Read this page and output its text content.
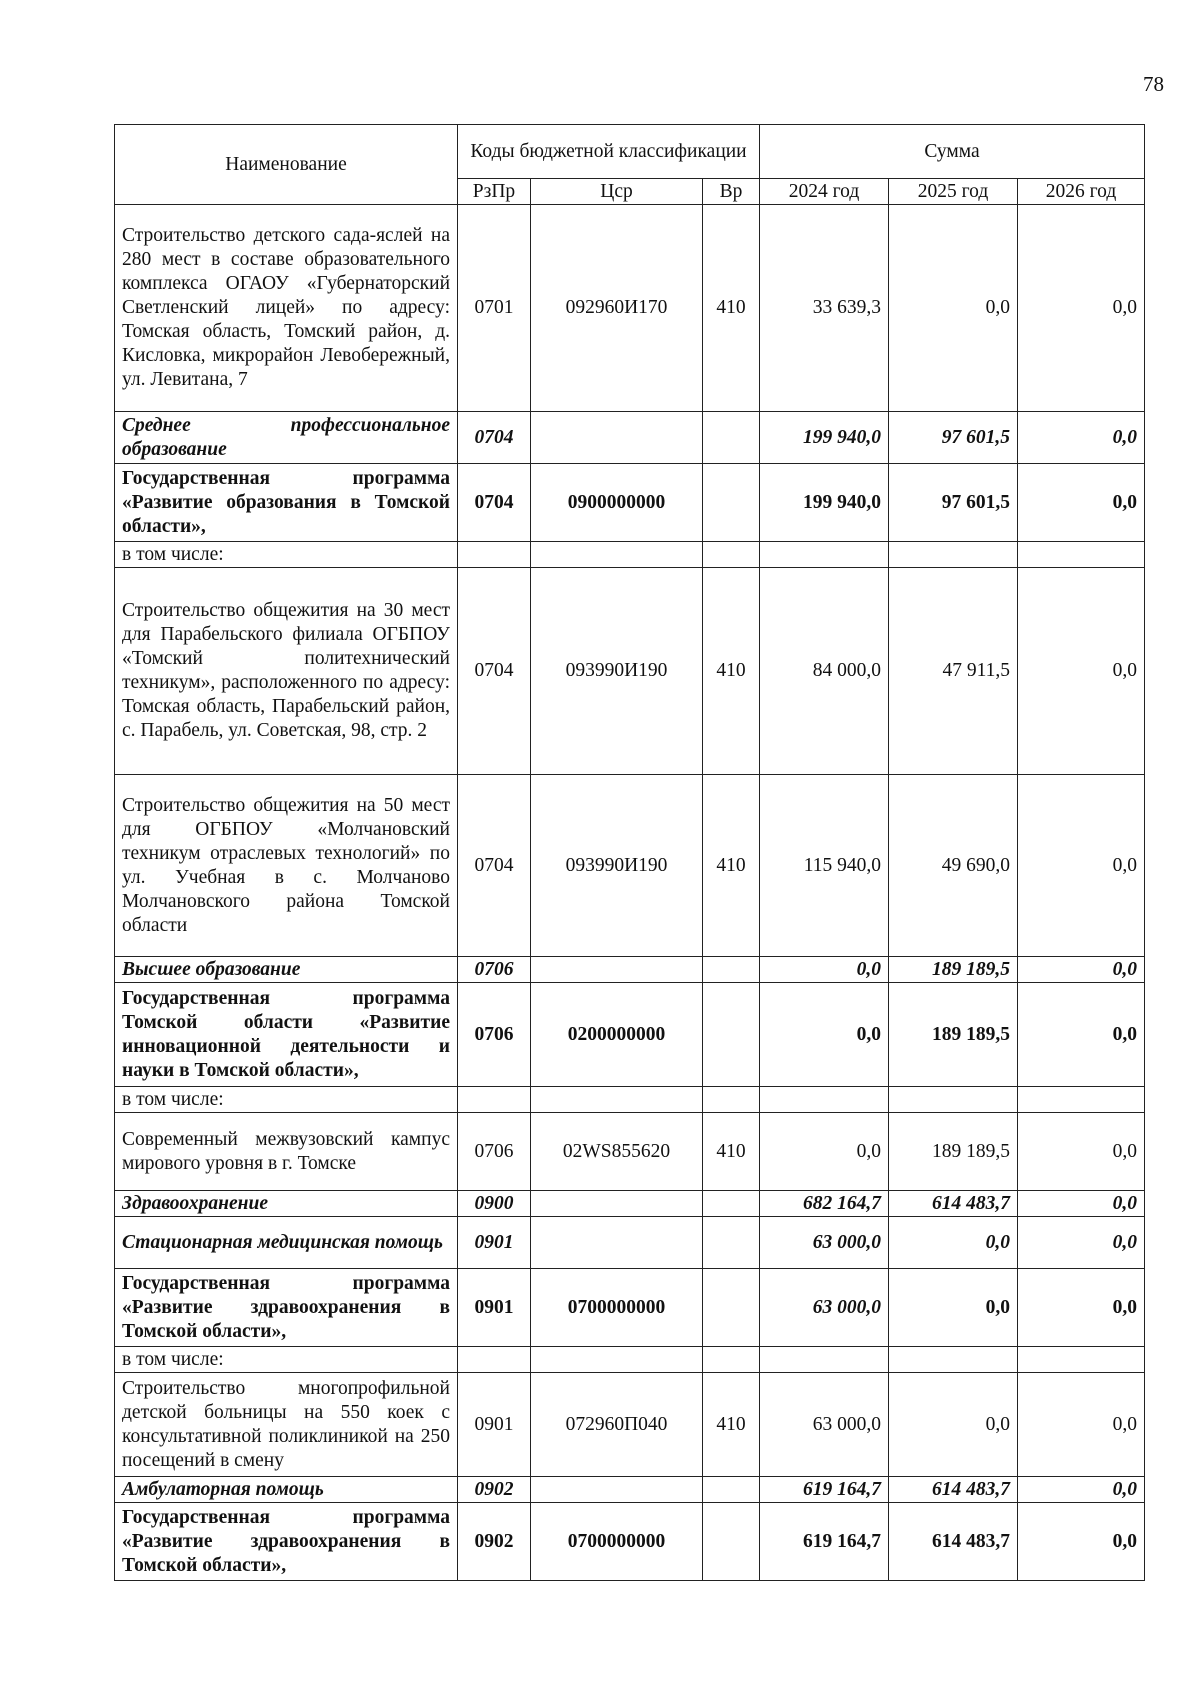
78
Наименование	Коды бюджетной классификации			Сумма		
	РзПр	Цср	Вр	2024 год	2025 год	2026 год
Строительство детского сада-яслей на 280 мест в составе образовательного комплекса ОГАОУ «Губернаторский Светленский лицей» по адресу: Томская область, Томский район, д. Кисловка, микрорайон Левобережный, ул. Левитана, 7	0701	092960И170	410	33 639,3	0,0	0,0
Среднее профессиональное образование	0704			199 940,0	97 601,5	0,0
Государственная программа «Развитие образования в Томской области»,	0704	0900000000		199 940,0	97 601,5	0,0
в том числе:						
Строительство общежития на 30 мест для Парабельского филиала ОГБПОУ «Томский политехнический техникум», расположенного по адресу: Томская область, Парабельский район, с. Парабель, ул. Советская, 98, стр. 2	0704	093990И190	410	84 000,0	47 911,5	0,0
Строительство общежития на 50 мест для ОГБПОУ «Молчановский техникум отраслевых технологий» по ул. Учебная в с. Молчаново Молчановского района Томской области	0704	093990И190	410	115 940,0	49 690,0	0,0
Высшее образование	0706			0,0	189 189,5	0,0
Государственная программа Томской области «Развитие инновационной деятельности и науки в Томской области»,	0706	0200000000		0,0	189 189,5	0,0
в том числе:						
Современный межвузовский кампус мирового уровня в г. Томске	0706	02WS855620	410	0,0	189 189,5	0,0
Здравоохранение	0900			682 164,7	614 483,7	0,0
Стационарная медицинская помощь	0901			63 000,0	0,0	0,0
Государственная программа «Развитие здравоохранения в Томской области»,	0901	0700000000		63 000,0	0,0	0,0
в том числе:						
Строительство многопрофильной детской больницы на 550 коек с консультативной поликлиникой на 250 посещений в смену	0901	072960П040	410	63 000,0	0,0	0,0
Амбулаторная помощь	0902			619 164,7	614 483,7	0,0
Государственная программа «Развитие здравоохранения в Томской области»,	0902	0700000000		619 164,7	614 483,7	0,0
